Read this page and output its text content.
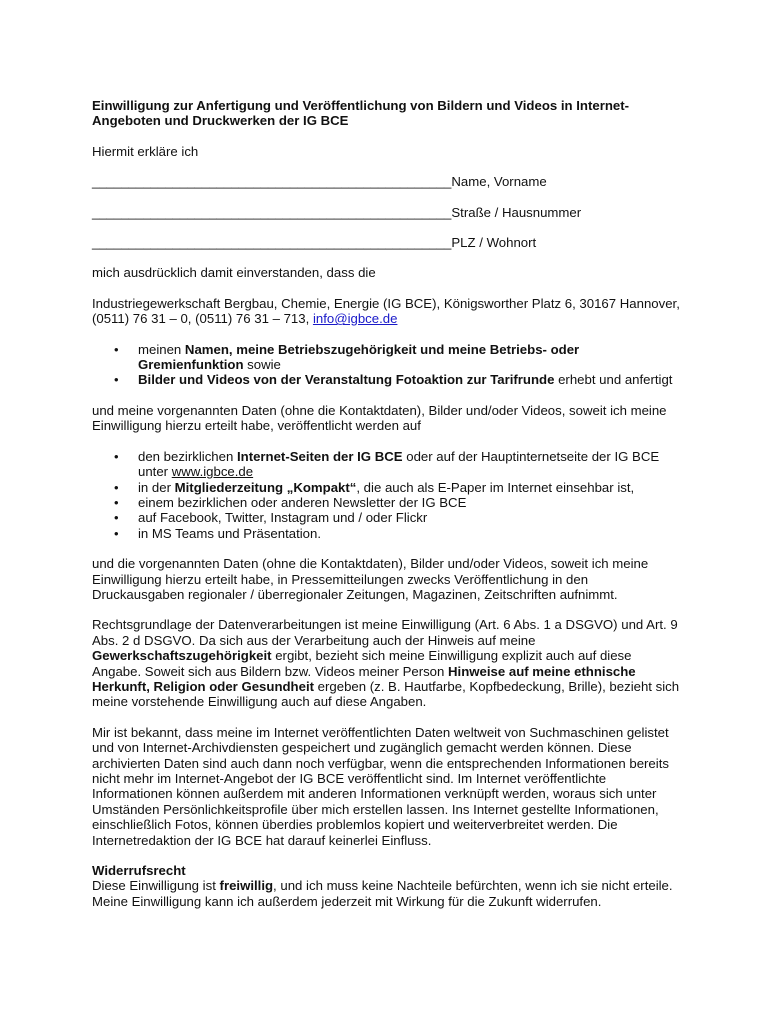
Einwilligung zur Anfertigung und Veröffentlichung von Bildern und Videos in Internet-Angeboten und Druckwerken der IG BCE

Hiermit erkläre ich

_________________________________________________Name, Vorname

_________________________________________________Straße / Hausnummer

_________________________________________________PLZ / Wohnort

mich ausdrücklich damit einverstanden, dass die

Industriegewerkschaft Bergbau, Chemie, Energie (IG BCE), Königsworther Platz 6, 30167 Hannover, (0511) 76 31 – 0, (0511) 76 31 – 713, info@igbce.de

• meinen Namen, meine Betriebszugehörigkeit und meine Betriebs- oder Gremienfunktion sowie
• Bilder und Videos von der Veranstaltung Fotoaktion zur Tarifrunde erhebt und anfertigt

und meine vorgenannten Daten (ohne die Kontaktdaten), Bilder und/oder Videos, soweit ich meine Einwilligung hierzu erteilt habe, veröffentlicht werden auf

• den bezirklichen Internet-Seiten der IG BCE oder auf der Hauptinternetseite der IG BCE unter www.igbce.de
• in der Mitgliederzeitung „Kompakt“, die auch als E-Paper im Internet einsehbar ist,
• einem bezirklichen oder anderen Newsletter der IG BCE
• auf Facebook, Twitter, Instagram und / oder Flickr
• in MS Teams und Präsentation.

und die vorgenannten Daten (ohne die Kontaktdaten), Bilder und/oder Videos, soweit ich meine Einwilligung hierzu erteilt habe, in Pressemitteilungen zwecks Veröffentlichung in den Druckausgaben regionaler / überregionaler Zeitungen, Magazinen, Zeitschriften aufnimmt.

Rechtsgrundlage der Datenverarbeitungen ist meine Einwilligung (Art. 6 Abs. 1 a DSGVO) und Art. 9 Abs. 2 d DSGVO. Da sich aus der Verarbeitung auch der Hinweis auf meine Gewerkschaftszugehörigkeit ergibt, bezieht sich meine Einwilligung explizit auch auf diese Angabe. Soweit sich aus Bildern bzw. Videos meiner Person Hinweise auf meine ethnische Herkunft, Religion oder Gesundheit ergeben (z. B. Hautfarbe, Kopfbedeckung, Brille), bezieht sich meine vorstehende Einwilligung auch auf diese Angaben.

Mir ist bekannt, dass meine im Internet veröffentlichten Daten weltweit von Suchmaschinen gelistet und von Internet-Archivdiensten gespeichert und zugänglich gemacht werden können. Diese archivierten Daten sind auch dann noch verfügbar, wenn die entsprechenden Informationen bereits nicht mehr im Internet-Angebot der IG BCE veröffentlicht sind. Im Internet veröffentlichte Informationen können außerdem mit anderen Informationen verknüpft werden, woraus sich unter Umständen Persönlichkeitsprofile über mich erstellen lassen. Ins Internet gestellte Informationen, einschließlich Fotos, können überdies problemlos kopiert und weiterverbreitet werden. Die Internetredaktion der IG BCE hat darauf keinerlei Einfluss.

Widerrufsrecht

Diese Einwilligung ist freiwillig, und ich muss keine Nachteile befürchten, wenn ich sie nicht erteile. Meine Einwilligung kann ich außerdem jederzeit mit Wirkung für die Zukunft widerrufen.
